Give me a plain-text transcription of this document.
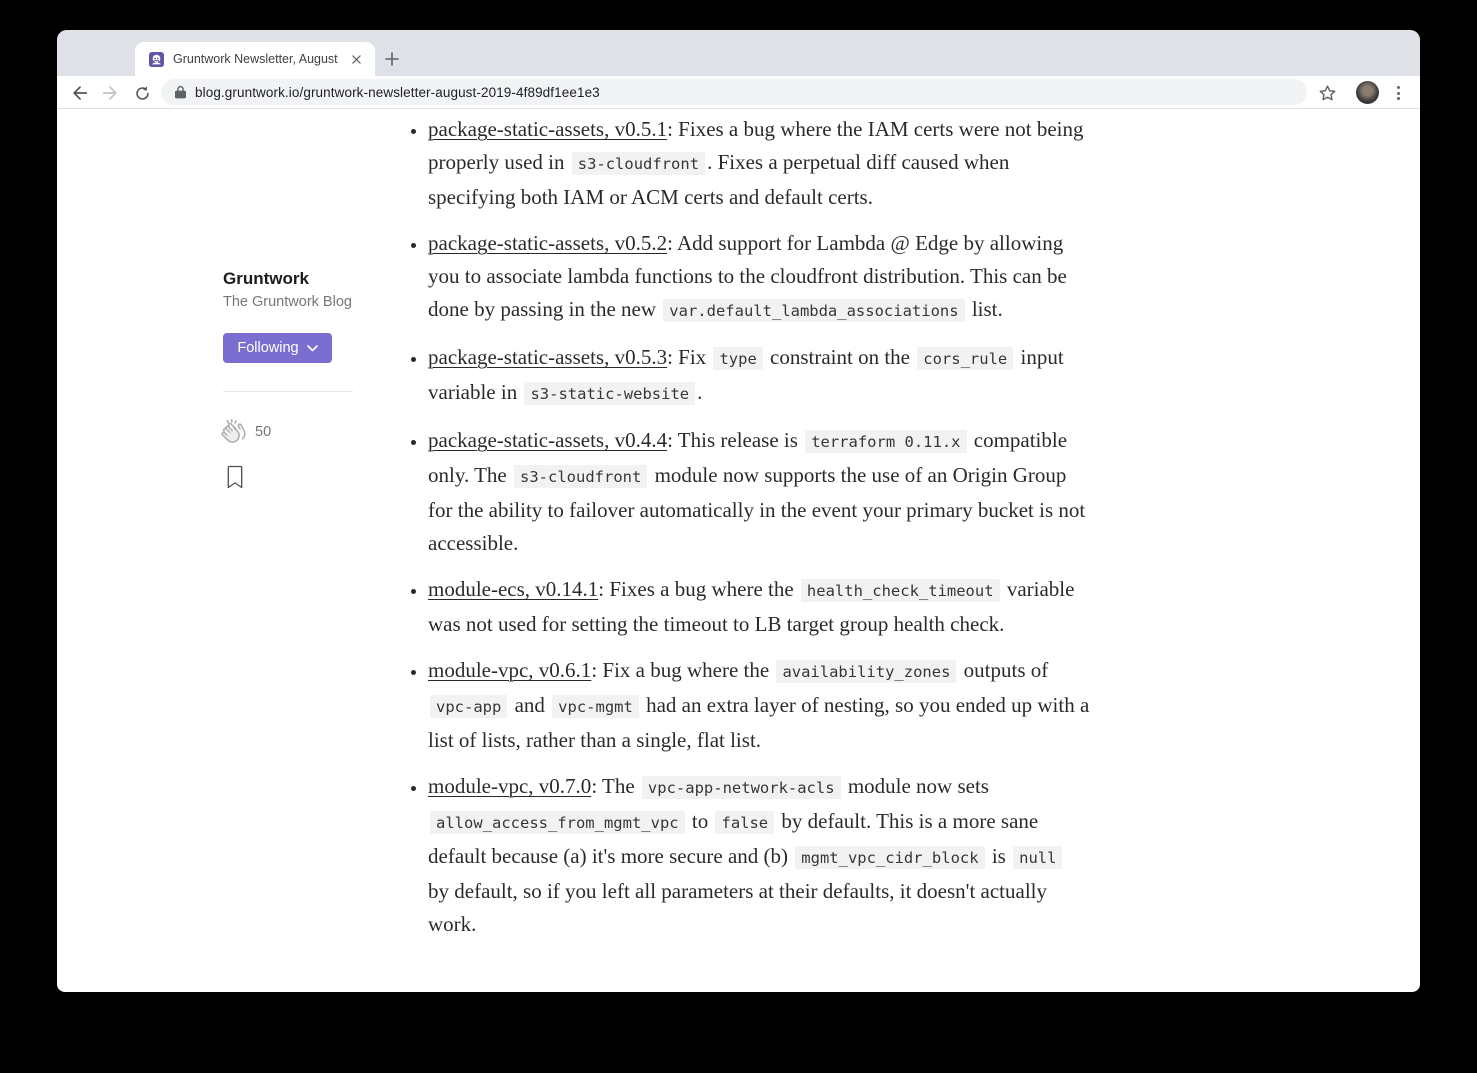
Gruntwork Newsletter, August
blog.gruntwork.io/gruntwork-newsletter-august-2019-4f89df1ee1e3
Gruntwork
The Gruntwork Blog
Following
50
• package-static-assets, v0.5.1: Fixes a bug where the IAM certs were not being properly used in s3-cloudfront . Fixes a perpetual diff caused when specifying both IAM or ACM certs and default certs.
• package-static-assets, v0.5.2: Add support for Lambda @ Edge by allowing you to associate lambda functions to the cloudfront distribution. This can be done by passing in the new var.default_lambda_associations list.
• package-static-assets, v0.5.3: Fix type constraint on the cors_rule input variable in s3-static-website .
• package-static-assets, v0.4.4: This release is terraform 0.11.x compatible only. The s3-cloudfront module now supports the use of an Origin Group for the ability to failover automatically in the event your primary bucket is not accessible.
• module-ecs, v0.14.1: Fixes a bug where the health_check_timeout variable was not used for setting the timeout to LB target group health check.
• module-vpc, v0.6.1: Fix a bug where the availability_zones outputs of vpc-app and vpc-mgmt had an extra layer of nesting, so you ended up with a list of lists, rather than a single, flat list.
• module-vpc, v0.7.0: The vpc-app-network-acls module now sets allow_access_from_mgmt_vpc to false by default. This is a more sane default because (a) it's more secure and (b) mgmt_vpc_cidr_block is null by default, so if you left all parameters at their defaults, it doesn't actually work.
